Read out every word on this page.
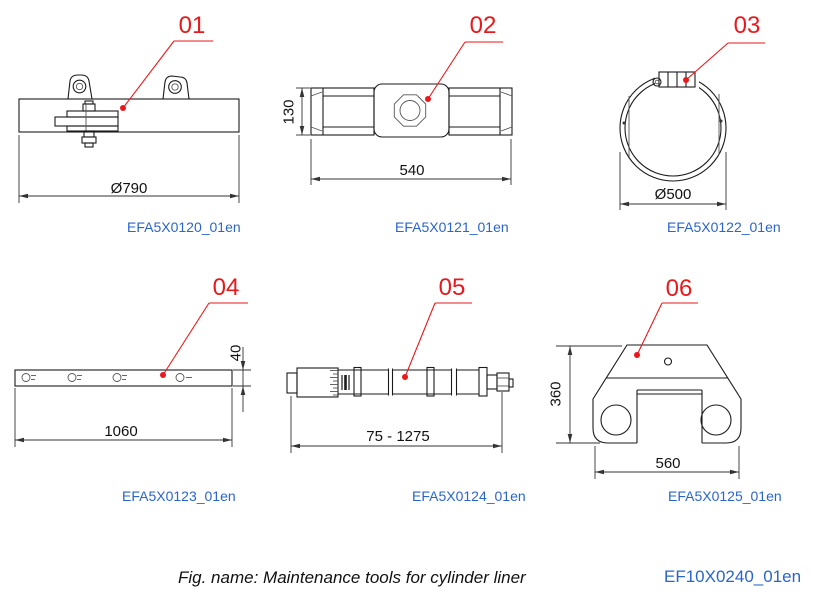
01	02	03
04	05	06
Ø790
540
130
Ø500
1060
40
75 - 1275
560
360
EFA5X0120_01en	EFA5X0121_01en	EFA5X0122_01en
EFA5X0123_01en	EFA5X0124_01en	EFA5X0125_01en
Fig. name: Maintenance tools for cylinder liner	EF10X0240_01en
